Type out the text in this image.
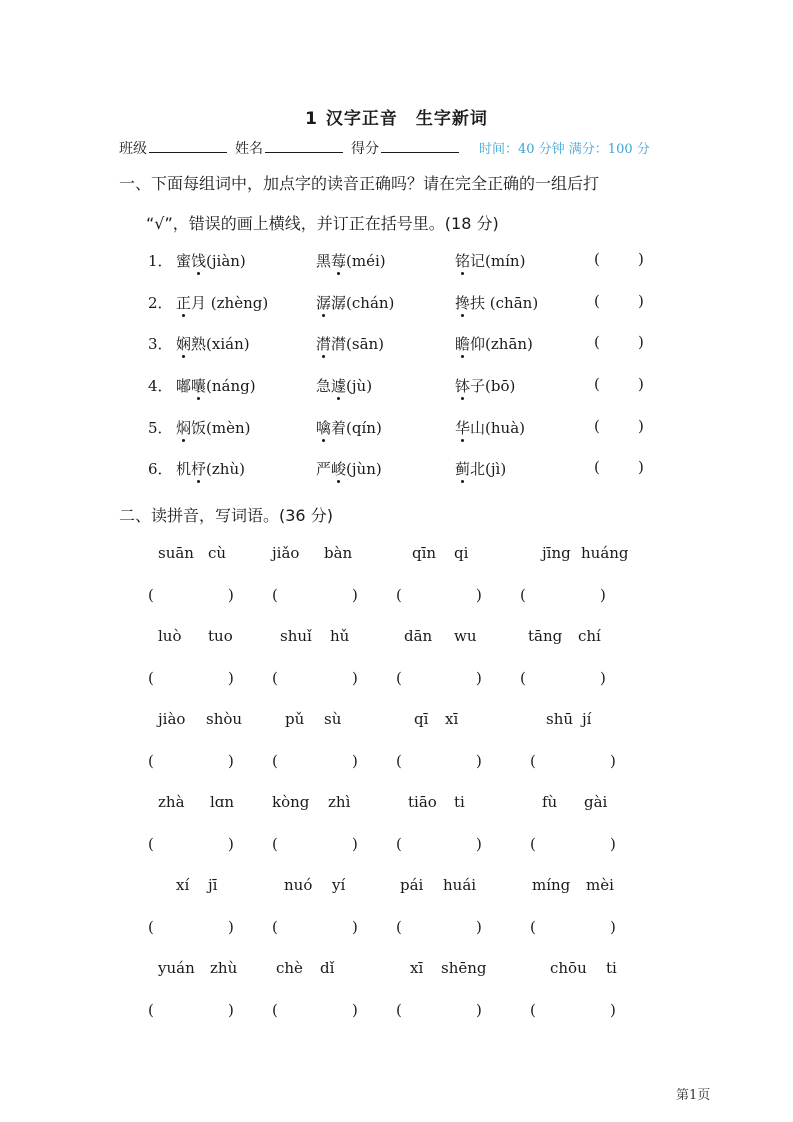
1 汉字正音 生字新词
班级	姓名	得分	时间：40 分钟 满分：100 分
一、下面每组词中，加点字的读音正确吗？请在完全正确的一组后打
“√”，错误的画上横线，并订正在括号里。(18 分)
1． 蜜饯(jiàn)	黑莓(méi)	铭记(mín)	(	)
2． 正月 (zhèng)	潺潺(chán)	搀扶 (chān)	(	)
3． 娴熟(xián)	潸潸(sān)	瞻仰(zhān)	(	)
4． 嘟囔(náng)	急遽(jù)	钵子(bō)	(	)
5． 焖饭(mèn)	噙着(qín)	华山(huà)	(	)
6． 机杼(zhù)	严峻(jùn)	蓟北(jì)	(	)
二、读拼音，写词语。(36 分)
suān cù	jiǎo bàn	qīn qi	jīng huáng
(	)	(	)	(	)	(	)
luò tuo	shuǐ hǔ	dān wu	tāng chí
(	)	(	)	(	)	(	)
jiào shòu	pǔ sù	qī xī	shū jí
(	)	(	)	(	)	(	)
zhà lɑn	kòng zhì	tiāo ti	fù gài
(	)	(	)	(	)	(	)
xí jī	nuó yí	pái huái	míng mèi
(	)	(	)	(	)	(	)
yuán zhù	chè dǐ	xī shēng	chōu ti
(	)	(	)	(	)	(	)
第1页
